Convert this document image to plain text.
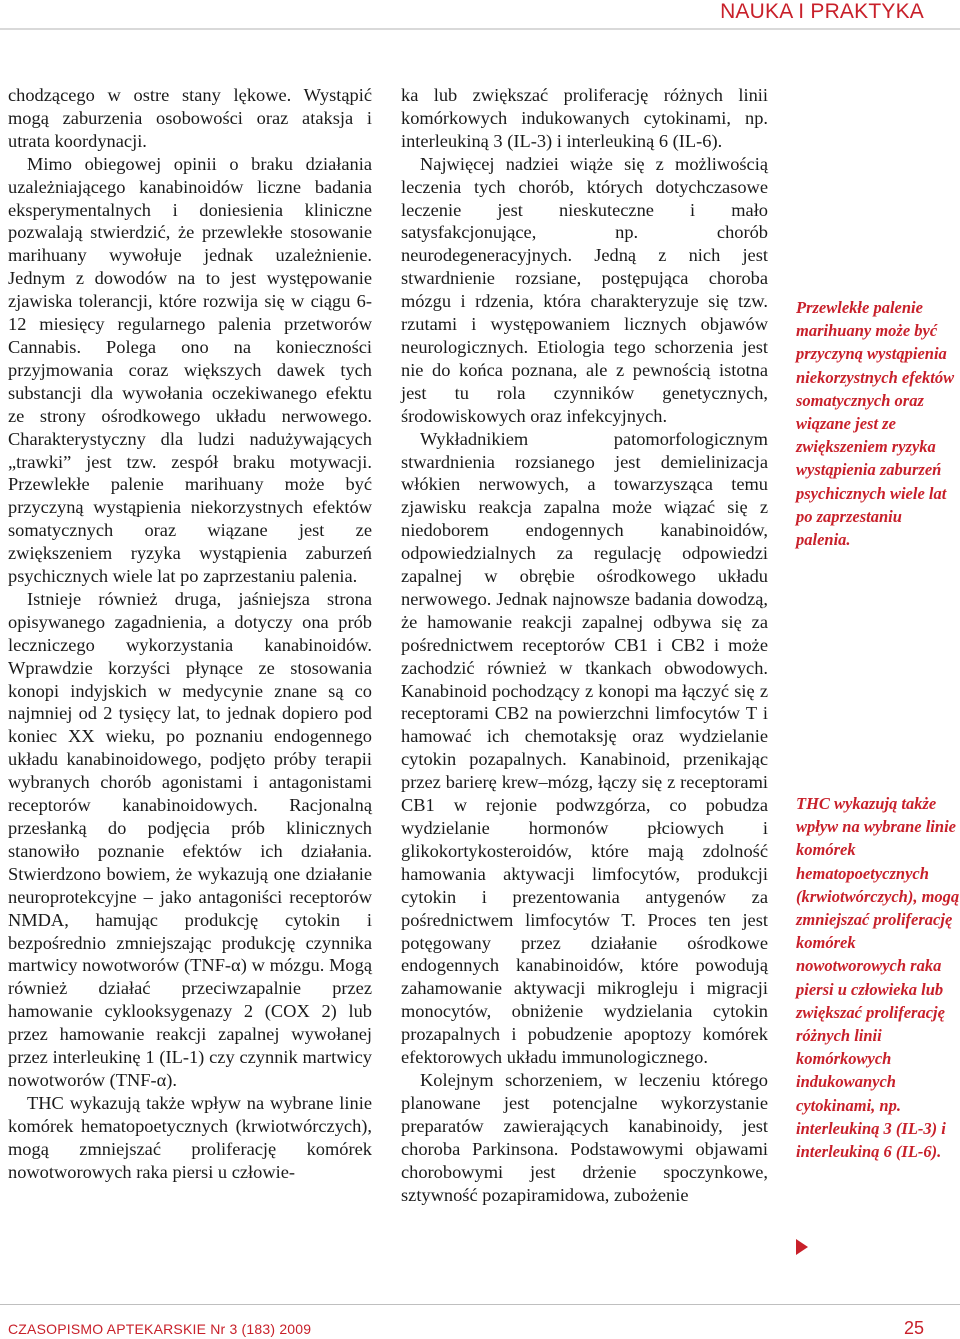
NAUKA I PRAKTYKA

chodzącego w ostre stany lękowe. Wystąpić mogą zaburzenia osobowości oraz ataksja i utrata koordynacji.

Mimo obiegowej opinii o braku działania uzależniającego kanabinoidów liczne badania eksperymentalnych i doniesienia kliniczne pozwalają stwierdzić, że przewlekłe stosowanie marihuany wywołuje jednak uzależnienie. Jednym z dowodów na to jest występowanie zjawiska tolerancji, które rozwija się w ciągu 6-12 miesięcy regularnego palenia przetworów Cannabis. Polega ono na konieczności przyjmowania coraz większych dawek tych substancji dla wywołania oczekiwanego efektu ze strony ośrodkowego układu nerwowego. Charakterystyczny dla ludzi nadużywających „trawki” jest tzw. zespół braku motywacji. Przewlekłe palenie marihuany może być przyczyną wystąpienia niekorzystnych efektów somatycznych oraz wiązane jest ze zwiększeniem ryzyka wystąpienia zaburzeń psychicznych wiele lat po zaprzestaniu palenia.

Istnieje również druga, jaśniejsza strona opisywanego zagadnienia, a dotyczy ona prób leczniczego wykorzystania kanabinoidów. Wprawdzie korzyści płynące ze stosowania konopi indyjskich w medycynie znane są co najmniej od 2 tysięcy lat, to jednak dopiero pod koniec XX wieku, po poznaniu endogennego układu kanabinoidowego, podjęto próby terapii wybranych chorób agonistami i antagonistami receptorów kanabinoidowych. Racjonalną przesłanką do podjęcia prób klinicznych stanowiło poznanie efektów ich działania. Stwierdzono bowiem, że wykazują one działanie neuroprotekcyjne – jako antagoniści receptorów NMDA, hamując produkcję cytokin i bezpośrednio zmniejszając produkcję czynnika martwicy nowotworów (TNF-α) w mózgu. Mogą również działać przeciwzapalnie przez hamowanie cyklooksygenazy 2 (COX 2) lub przez hamowanie reakcji zapalnej wywołanej przez interleukinę 1 (IL-1) czy czynnik martwicy nowotworów (TNF-α).

THC wykazują także wpływ na wybrane linie komórek hematopoetycznych (krwiotwórczych), mogą zmniejszać proliferację komórek nowotworowych raka piersi u człowie-

ka lub zwiększać proliferację różnych linii komórkowych indukowanych cytokinami, np. interleukiną 3 (IL-3) i interleukiną 6 (IL-6).

Najwięcej nadziei wiąże się z możliwością leczenia tych chorób, których dotychczasowe leczenie jest nieskuteczne i mało satysfakcjonujące, np. chorób neurodegeneracyjnych. Jedną z nich jest stwardnienie rozsiane, postępująca choroba mózgu i rdzenia, która charakteryzuje się tzw. rzutami i występowaniem licznych objawów neurologicznych. Etiologia tego schorzenia jest nie do końca poznana, ale z pewnością istotna jest tu rola czynników genetycznych, środowiskowych oraz infekcyjnych.

Wykładnikiem patomorfologicznym stwardnienia rozsianego jest demielinizacja włókien nerwowych, a towarzysząca temu zjawisku reakcja zapalna może wiązać się z niedoborem endogennych kanabinoidów, odpowiedzialnych za regulację odpowiedzi zapalnej w obrębie ośrodkowego układu nerwowego. Jednak najnowsze badania dowodzą, że hamowanie reakcji zapalnej odbywa się za pośrednictwem receptorów CB1 i CB2 i może zachodzić również w tkankach obwodowych. Kanabinoid pochodzący z konopi ma łączyć się z receptorami CB2 na powierzchni limfocytów T i hamować ich chemotaksję oraz wydzielanie cytokin pozapalnych. Kanabinoid, przenikając przez barierę krew–mózg, łączy się z receptorami CB1 w rejonie podwzgórza, co pobudza wydzielanie hormonów płciowych i glikokortykosteroidów, które mają zdolność hamowania aktywacji limfocytów, produkcji cytokin i prezentowania antygenów za pośrednictwem limfocytów T. Proces ten jest potęgowany przez działanie ośrodkowe endogennych kanabinoidów, które powodują zahamowanie aktywacji mikrogleju i migracji monocytów, obniżenie wydzielania cytokin prozapalnych i pobudzenie apoptozy komórek efektorowych układu immunologicznego.

Kolejnym schorzeniem, w leczeniu którego planowane jest potencjalne wykorzystanie preparatów zawierających kanabinoidy, jest choroba Parkinsona. Podstawowymi objawami chorobowymi jest drżenie spoczynkowe, sztywność pozapiramidowa, zubożenie

Przewlekłe palenie marihuany może być przyczyną wystąpienia niekorzystnych efektów somatycznych oraz wiązane jest ze zwiększeniem ryzyka wystąpienia zaburzeń psychicznych wiele lat po zaprzestaniu palenia.

THC wykazują także wpływ na wybrane linie komórek hematopoetycznych (krwiotwórczych), mogą zmniejszać proliferację komórek nowotworowych raka piersi u człowieka lub zwiększać proliferację różnych linii komórkowych indukowanych cytokinami, np. interleukiną 3 (IL-3) i interleukiną 6 (IL-6).

CZASOPISMO APTEKARSKIE Nr 3 (183) 2009	25
